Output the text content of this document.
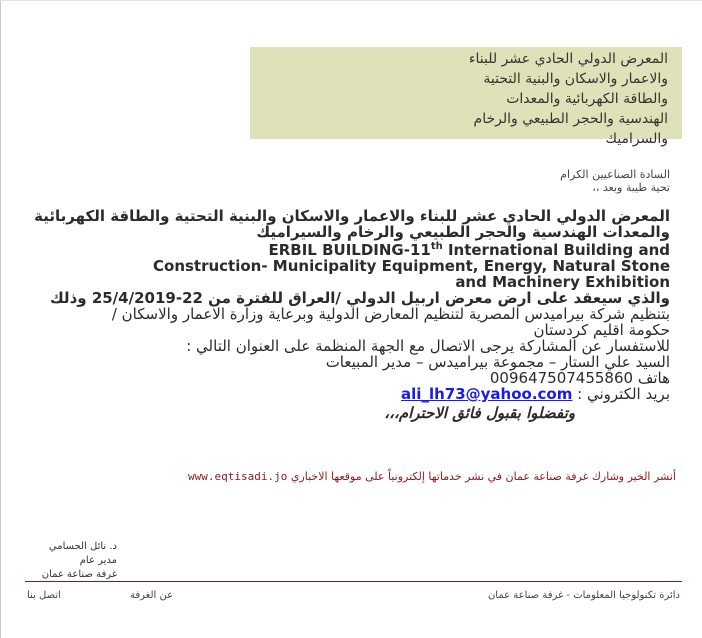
المعرض الدولي الحادي عشر للبناء
والاعمار والاسكان والبنية التحتية
والطاقة الكهربائية والمعدات
الهندسية والحجر الطبيعي والرخام
والسراميك
السادة الصناعيين الكرام
تحية طيبة وبعد ،،
المعرض الدولي الحادي عشر للبناء والاعمار والاسكان والبنية التحتية والطاقة الكهربائية
والمعدات الهندسية والحجر الطبيعي والرخام والسيراميك
ERBIL BUILDING-11th International Building and
Construction- Municipality Equipment, Energy, Natural Stone
and Machinery Exhibition
والذي سيعقد على ارض معرض اربيل الدولي /العراق للفترة من 22-25/4/2019 وذلك
بتنظيم شركة بيراميدس المصرية لتنظيم المعارض الدولية وبرعاية وزارة الاعمار والاسكان /
حكومة اقليم كردستان
للاستفسار عن المشاركة يرجى الاتصال مع الجهة المنظمة على العنوان التالي :
السيد علي الستار – مجموعة بيراميدس – مدير المبيعات
هاتف 009647507455860
بريد الكتروني : ali_lh73@yahoo.com
وتفضلوا بقبول فائق الاحترام،،،
أنشر الخير وشارك غرفة صناعة عمان في نشر خدماتها إلكترونياً على موقعها الاخباري www.eqtisadi.jo
د. نائل الحسامي
مدير عام
غرفة صناعة عمان
دائرة تكنولوجيا المعلومات - غرفة صناعة عمان
عن الغرفة
اتصل بنا
